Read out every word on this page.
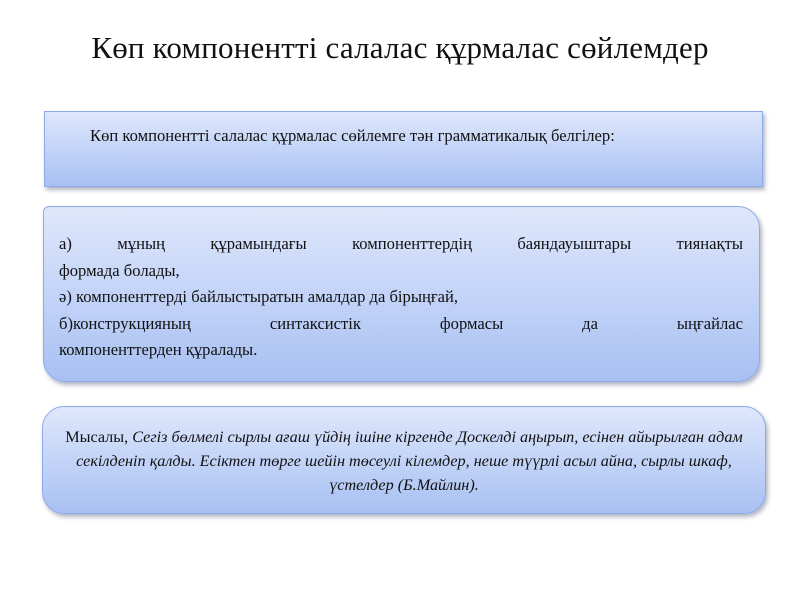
Көп компонентті салалас құрмалас сөйлемдер
Көп компонентті салалас құрмалас сөйлемге тән грамматикалық белгілер:
а) мұның құрамындағы компоненттердің баяндауыштары тиянақты
формада болады,
ә) компоненттерді байлыстыратын амалдар да бірыңғай,
б)конструкцияның синтаксистік формасы да ыңғайлас
компоненттерден құралады.
Мысалы, Сегіз бөлмелі сырлы ағаш үйдің ішіне кіргенде Доскелді аңырып, есінен айырылған адам секілденіп қалды. Есіктен төрге шейін төсеулі кілемдер, неше түүрлі асыл айна, сырлы шкаф, үстелдер (Б.Майлин).
